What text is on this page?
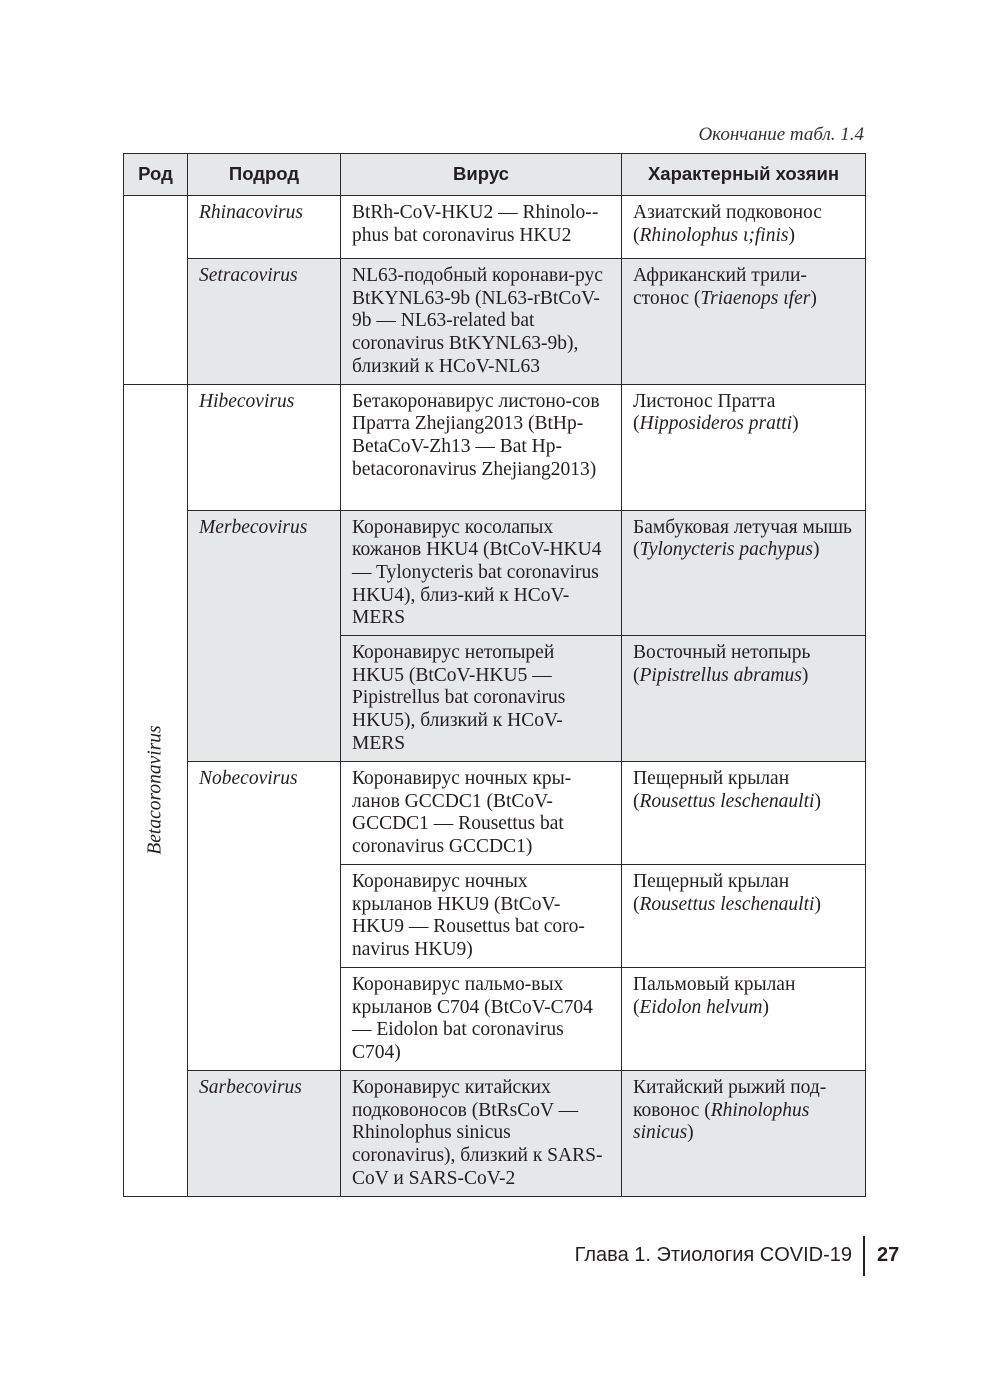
Окончание табл. 1.4
Род	Подрод	Вирус	Характерный хозяин
	Rhinacovirus	BtRh-CoV-HKU2 — Rhinolo-phus bat coronavirus HKU2	Азиатский подковонос (Rhinolophus ɩ;finis)
	Setracovirus	NL63-подобный коронави-рус BtKYNL63-9b (NL63-rBtCoV-9b — NL63-related bat coronavirus BtKYNL63-9b), близкий к HCoV-NL63	Африканский трили-стонос (Triaenops ɩfer)

Betacoronavirus	Hibecovirus	Бетакоронавирус листоно-сов Пратта Zhejiang2013 (BtHp-BetaCoV-Zh13 — Bat Hp-betacoronavirus Zhejiang2013)	Листонос Пратта (Hipposideros pratti)
	Merbecovirus	Коронавирус косолапых кожанов HKU4 (BtCoV-HKU4 — Tylonycteris bat coronavirus HKU4), близ-кий к HCoV-MERS	Бамбуковая летучая мышь (Tylonycteris pachypus)
		Коронавирус нетопырей HKU5 (BtCoV-HKU5 — Pipistrellus bat coronavirus HKU5), близкий к HCoV-MERS	Восточный нетопырь (Pipistrellus abramus)
	Nobecovirus	Коронавирус ночных кры-ланов GCCDC1 (BtCoV-GCCDC1 — Rousettus bat coronavirus GCCDC1)	Пещерный крылан (Rousettus leschenaulti)
		Коронавирус ночных крыланов HKU9 (BtCoV-HKU9 — Rousettus bat coro-navirus HKU9)	Пещерный крылан (Rousettus leschenaulti)
		Коронавирус пальмо-вых крыланов C704 (BtCoV-C704 — Eidolon bat coronavirus C704)	Пальмовый крылан (Eidolon helvum)
	Sarbecovirus	Коронавирус китайских подковоносов (BtRsCoV — Rhinolophus sinicus coronavirus), близкий к SARS-CoV и SARS-CoV-2	Китайский рыжий под-ковонос (Rhinolophus sinicus)
Глава 1. Этиология COVID-19 27
